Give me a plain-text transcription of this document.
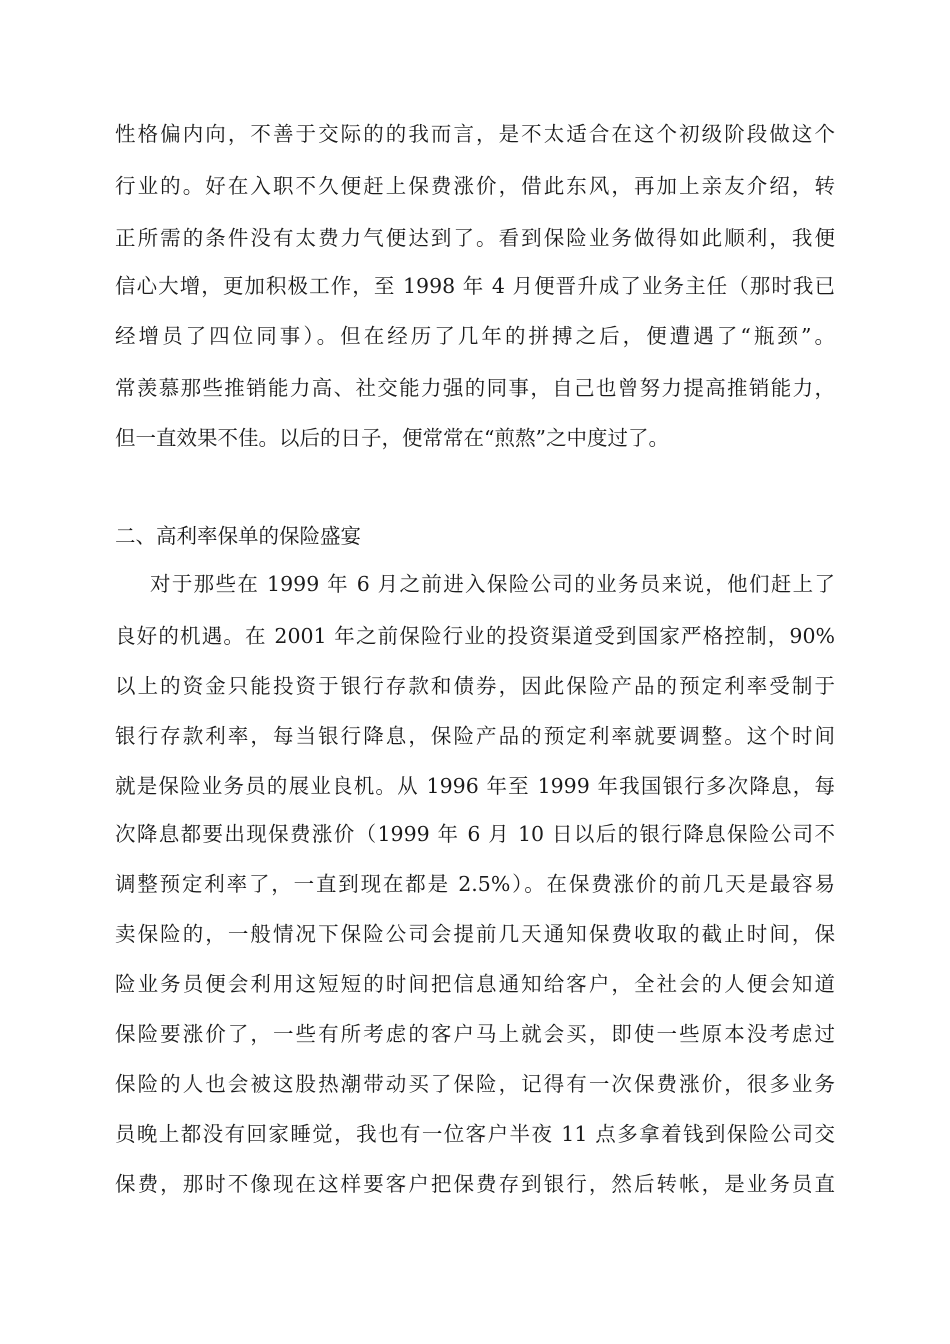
性格偏内向，不善于交际的的我而言，是不太适合在这个初级阶段做这个
行业的。好在入职不久便赶上保费涨价，借此东风，再加上亲友介绍，转
正所需的条件没有太费力气便达到了。看到保险业务做得如此顺利，我便
信心大增，更加积极工作，至 1998 年 4 月便晋升成了业务主任（那时我已
经增员了四位同事）。但在经历了几年的拼搏之后，便遭遇了“瓶颈”。
常羡慕那些推销能力高、社交能力强的同事，自己也曾努力提高推销能力，
但一直效果不佳。以后的日子，便常常在“煎熬”之中度过了。
二、高利率保单的保险盛宴
对于那些在 1999 年 6 月之前进入保险公司的业务员来说，他们赶上了
良好的机遇。在 2001 年之前保险行业的投资渠道受到国家严格控制，90%
以上的资金只能投资于银行存款和债券，因此保险产品的预定利率受制于
银行存款利率，每当银行降息，保险产品的预定利率就要调整。这个时间
就是保险业务员的展业良机。从 1996 年至 1999 年我国银行多次降息，每
次降息都要出现保费涨价（1999 年 6 月 10 日以后的银行降息保险公司不
调整预定利率了，一直到现在都是 2.5%）。在保费涨价的前几天是最容易
卖保险的，一般情况下保险公司会提前几天通知保费收取的截止时间，保
险业务员便会利用这短短的时间把信息通知给客户，全社会的人便会知道
保险要涨价了，一些有所考虑的客户马上就会买，即使一些原本没考虑过
保险的人也会被这股热潮带动买了保险，记得有一次保费涨价，很多业务
员晚上都没有回家睡觉，我也有一位客户半夜 11 点多拿着钱到保险公司交
保费，那时不像现在这样要客户把保费存到银行，然后转帐，是业务员直
